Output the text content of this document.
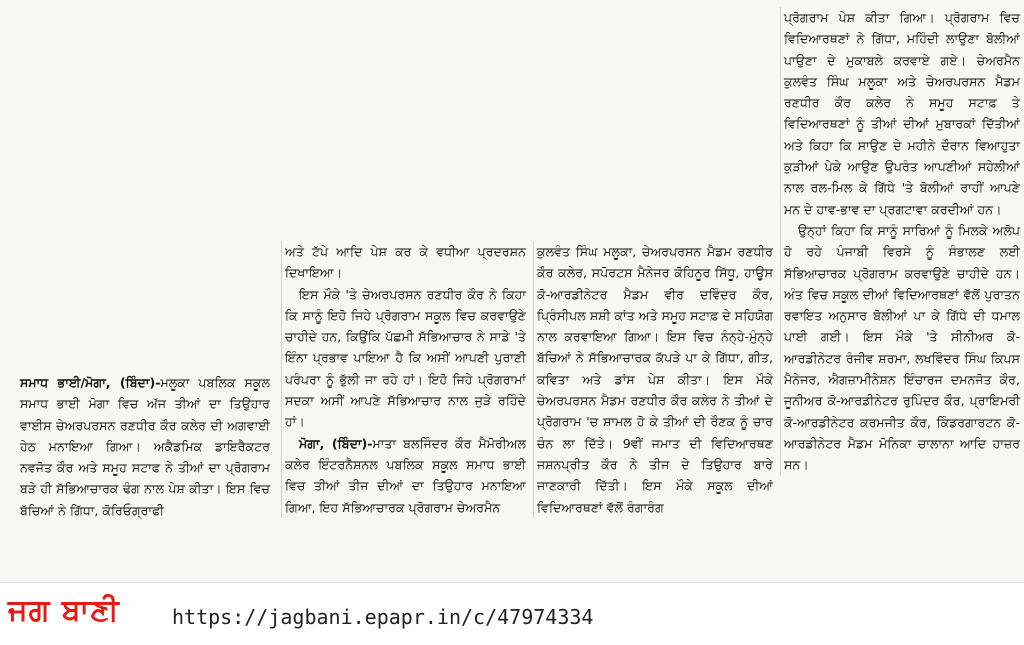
ਸਮਾਧ ਭਾਈ/ਮੋਗਾ, (ਬਿੰਦਾ)-ਮਲੂਕਾ ਪਬਲਿਕ ਸਕੂਲ ਸਮਾਧ ਭਾਈ ਮੋਗਾ ਵਿਚ ਅੱਜ ਤੀਆਂ ਦਾ ਤਿਉਹਾਰ ਵਾਈਸ ਚੇਅਰਪਰਸਨ ਰਣਧੀਰ ਕੌਰ ਕਲੇਰ ਦੀ ਅਗਵਾਈ ਹੇਠ ਮਨਾਇਆ ਗਿਆ। ਅਕੈਡਮਿਕ ਡਾਇਰੈਕਟਰ ਨਵਜੋਤ ਕੌਰ ਅਤੇ ਸਮੂਹ ਸਟਾਫ ਨੇ ਤੀਆਂ ਦਾ ਪ੍ਰੋਗਰਾਮ ਬੜੇ ਹੀ ਸੱਭਿਆਚਾਰਕ ਢੰਗ ਨਾਲ ਪੇਸ਼ ਕੀਤਾ। ਇਸ ਵਿਚ ਬੱਚਿਆਂ ਨੇ ਗਿੱਧਾ, ਕੋਰਿਓਗ੍ਰਾਫੀ

ਅਤੇ ਟੱਪੇ ਆਦਿ ਪੇਸ਼ ਕਰ ਕੇ ਵਧੀਆ ਪ੍ਰਦਰਸ਼ਨ ਦਿਖਾਇਆ।

ਇਸ ਮੌਕੇ 'ਤੇ ਚੇਅਰਪਰਸਨ ਰਣਧੀਰ ਕੌਰ ਨੇ ਕਿਹਾ ਕਿ ਸਾਨੂੰ ਇਹੋ ਜਿਹੇ ਪ੍ਰੋਗਰਾਮ ਸਕੂਲ ਵਿਚ ਕਰਵਾਉਣੇ ਚਾਹੀਦੇ ਹਨ, ਕਿਉਂਕਿ ਪੱਛਮੀ ਸੱਭਿਆਚਾਰ ਨੇ ਸਾਡੇ 'ਤੇ ਇੰਨਾ ਪ੍ਰਭਾਵ ਪਾਇਆ ਹੈ ਕਿ ਅਸੀਂ ਆਪਣੀ ਪੁਰਾਣੀ ਪਰੰਪਰਾ ਨੂੰ ਭੁੱਲੀ ਜਾ ਰਹੇ ਹਾਂ। ਇਹੋ ਜਿਹੇ ਪ੍ਰੋਗਰਾਮਾਂ ਸਦਕਾ ਅਸੀਂ ਆਪਣੇ ਸੱਭਿਆਚਾਰ ਨਾਲ ਜੁੜੇ ਰਹਿੰਦੇ ਹਾਂ।

ਮੋਗਾ, (ਬਿੰਦਾ)-ਮਾਤਾ ਬਲਜਿੰਦਰ ਕੌਰ ਮੈਮੋਰੀਅਲ ਕਲੇਰ ਇੰਟਰਨੈਸ਼ਨਲ ਪਬਲਿਕ ਸਕੂਲ ਸਮਾਧ ਭਾਈ ਵਿਚ ਤੀਆਂ ਤੀਜ ਦੀਆਂ ਦਾ ਤਿਉਹਾਰ ਮਨਾਇਆ ਗਿਆ, ਇਹ ਸੱਭਿਆਚਾਰਕ ਪ੍ਰੋਗਰਾਮ ਚੇਅਰਮੈਨ

ਕੁਲਵੰਤ ਸਿੰਘ ਮਲੂਕਾ, ਚੇਅਰਪਰਸਨ ਮੈਡਮ ਰਣਧੀਰ ਕੌਰ ਕਲੇਰ, ਸਪੋਰਟਸ ਮੈਨੇਜਰ ਕੋਹਿਨੂਰ ਸਿੱਧੂ, ਹਾਊਸ ਕੋ-ਆਰਡੀਨੇਟਰ ਮੈਡਮ ਵੀਰ ਦਵਿੰਦਰ ਕੌਰ, ਪ੍ਰਿੰਸੀਪਲ ਸ਼ਸ਼ੀ ਕਾਂਤ ਅਤੇ ਸਮੂਹ ਸਟਾਫ਼ ਦੇ ਸਹਿਯੋਗ ਨਾਲ ਕਰਵਾਇਆ ਗਿਆ। ਇਸ ਵਿਚ ਨੰਨ੍ਹੇ-ਮੁੰਨ੍ਹੇ ਬੱਚਿਆਂ ਨੇ ਸੱਭਿਆਚਾਰਕ ਕੱਪੜੇ ਪਾ ਕੇ ਗਿੱਧਾ, ਗੀਤ, ਕਵਿਤਾ ਅਤੇ ਡਾਂਸ ਪੇਸ਼ ਕੀਤਾ। ਇਸ ਮੌਕੇ ਚੇਅਰਪਰਸਨ ਮੈਡਮ ਰਣਧੀਰ ਕੌਰ ਕਲੇਰ ਨੇ ਤੀਆਂ ਦੇ ਪ੍ਰੋਗਰਾਮ 'ਚ ਸ਼ਾਮਲ ਹੋ ਕੇ ਤੀਆਂ ਦੀ ਰੌਣਕ ਨੂੰ ਚਾਰ ਚੰਨ ਲਾ ਦਿੱਤੇ। 9ਵੀਂ ਜਮਾਤ ਦੀ ਵਿਦਿਆਰਥਣ ਜਸ਼ਨਪ੍ਰੀਤ ਕੌਰ ਨੇ ਤੀਜ ਦੇ ਤਿਉਹਾਰ ਬਾਰੇ ਜਾਣਕਾਰੀ ਦਿੱਤੀ। ਇਸ ਮੌਕੇ ਸਕੂਲ ਦੀਆਂ ਵਿਦਿਆਰਥਣਾਂ ਵੱਲੋਂ ਰੰਗਾਰੰਗ

ਪ੍ਰੋਗਰਾਮ ਪੇਸ਼ ਕੀਤਾ ਗਿਆ। ਪ੍ਰੋਗਰਾਮ ਵਿਚ ਵਿਦਿਆਰਥਣਾਂ ਨੇ ਗਿੱਧਾ, ਮਹਿੰਦੀ ਲਾਉਣਾ ਬੋਲੀਆਂ ਪਾਉਣਾ ਦੇ ਮੁਕਾਬਲੇ ਕਰਵਾਏ ਗਏ। ਚੇਅਰਮੈਨ ਕੁਲਵੰਤ ਸਿੰਘ ਮਲੂਕਾ ਅਤੇ ਚੇਅਰਪਰਸਨ ਮੈਡਮ ਰਣਧੀਰ ਕੌਰ ਕਲੇਰ ਨੇ ਸਮੂਹ ਸਟਾਫ਼ ਤੇ ਵਿਦਿਆਰਥਣਾਂ ਨੂੰ ਤੀਆਂ ਦੀਆਂ ਮੁਬਾਰਕਾਂ ਦਿੱਤੀਆਂ ਅਤੇ ਕਿਹਾ ਕਿ ਸਾਉਣ ਦੇ ਮਹੀਨੇ ਦੌਰਾਨ ਵਿਆਹੁਤਾ ਕੁੜੀਆਂ ਪੇਕੇ ਆਉਣ ਉਪਰੰਤ ਆਪਣੀਆਂ ਸਹੇਲੀਆਂ ਨਾਲ ਰਲ-ਮਿਲ ਕੇ ਗਿੱਧੇ 'ਤੇ ਬੋਲੀਆਂ ਰਾਹੀਂ ਆਪਣੇ ਮਨ ਦੇ ਹਾਵ-ਭਾਵ ਦਾ ਪ੍ਰਗਟਾਵਾ ਕਰਦੀਆਂ ਹਨ।

ਉਨ੍ਹਾਂ ਕਿਹਾ ਕਿ ਸਾਨੂੰ ਸਾਰਿਆਂ ਨੂੰ ਮਿਲਕੇ ਅਲੋਪ ਹੋ ਰਹੇ ਪੰਜਾਬੀ ਵਿਰਸੇ ਨੂੰ ਸੰਭਾਲਣ ਲਈ ਸੱਭਿਆਚਾਰਕ ਪ੍ਰੋਗਰਾਮ ਕਰਵਾਉਣੇ ਚਾਹੀਦੇ ਹਨ। ਅੰਤ ਵਿਚ ਸਕੂਲ ਦੀਆਂ ਵਿਦਿਆਰਥਣਾਂ ਵੱਲੋਂ ਪੁਰਾਤਨ ਰਵਾਇਤ ਅਨੁਸਾਰ ਬੋਲੀਆਂ ਪਾ ਕੇ ਗਿੱਧੇ ਦੀ ਧਮਾਲ ਪਾਈ ਗਈ। ਇਸ ਮੌਕੇ 'ਤੇ ਸੀਨੀਅਰ ਕੋ-ਆਰਡੀਨੇਟਰ ਰੰਜੀਵ ਸ਼ਰਮਾ, ਲਖਵਿੰਦਰ ਸਿੰਘ ਕਿਪਸ ਮੈਨੇਜਰ, ਐਗਜ਼ਾਮੀਨੇਸ਼ਨ ਇੰਚਾਰਜ ਦਮਨਜੋਤ ਕੌਰ, ਜੂਨੀਅਰ ਕੋ-ਆਰਡੀਨੇਟਰ ਰੁਪਿੰਦਰ ਕੌਰ, ਪ੍ਰਾਇਮਰੀ ਕੋ-ਆਰਡੀਨੇਟਰ ਕਰਮਜੀਤ ਕੌਰ, ਕਿੰਡਰਗਾਰਟਨ ਕੋ-ਆਰਡੀਨੇਟਰ ਮੈਡਮ ਮੋਨਿਕਾ ਚਾਲਾਨਾ ਆਦਿ ਹਾਜ਼ਰ ਸਨ।

ਜਗ ਬਾਣੀ	https://jagbani.epapr.in/c/47974334
